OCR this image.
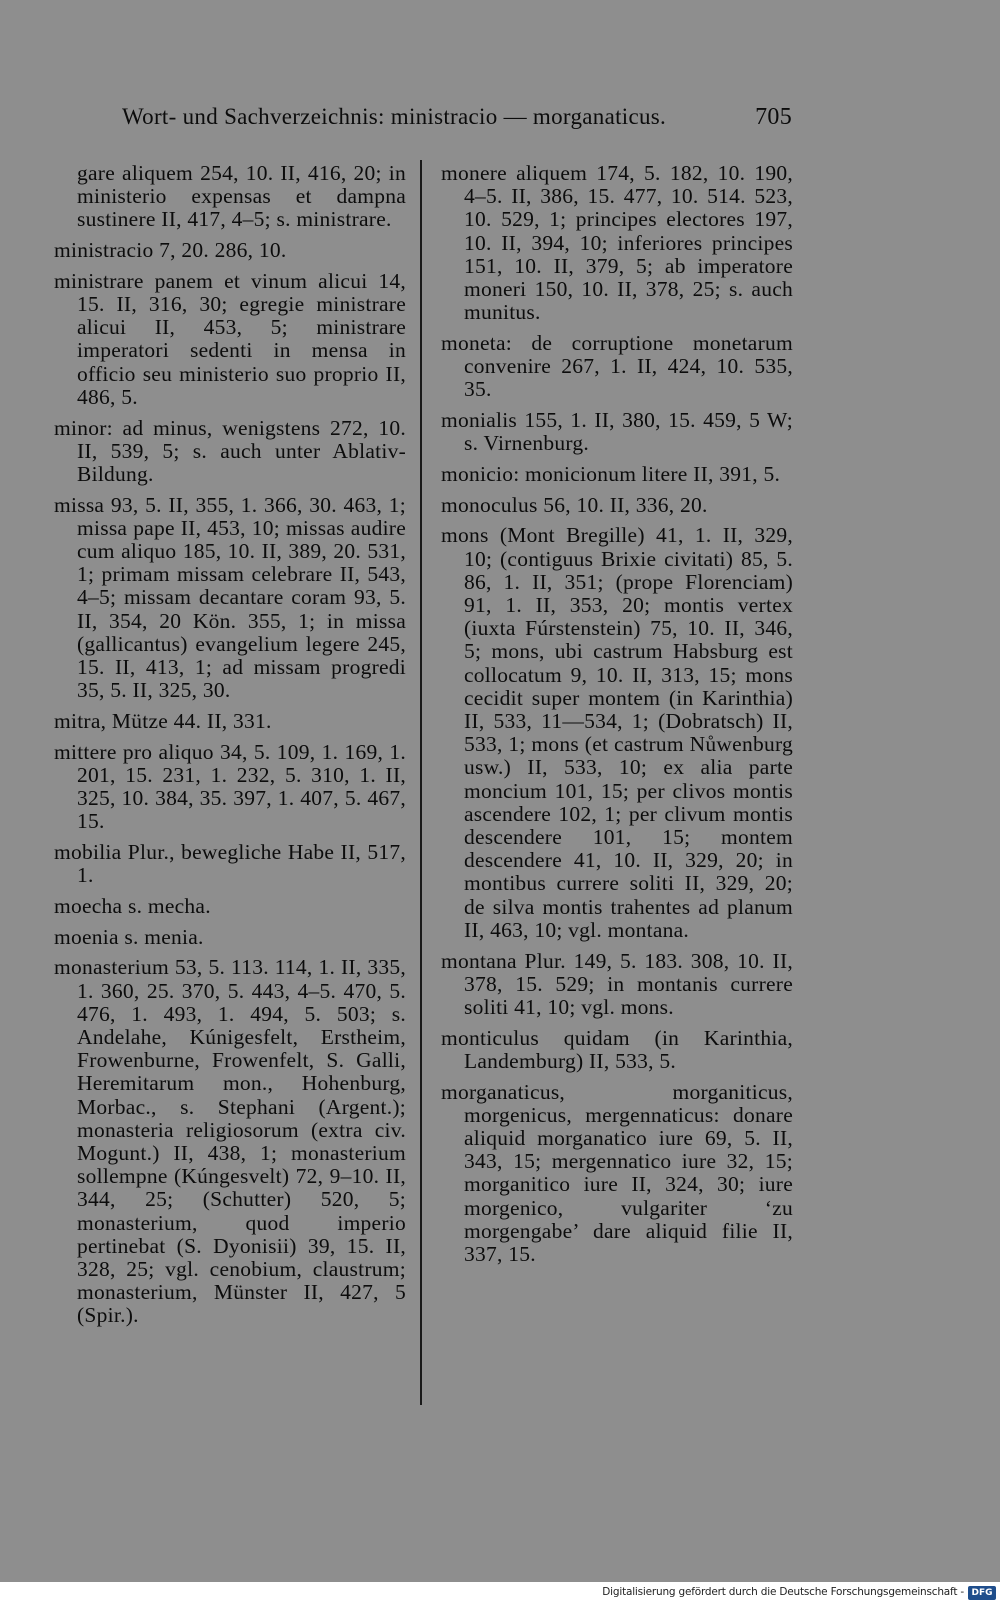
Wort- und Sachverzeichnis: ministracio — morganaticus.	705

gare aliquem 254, 10. II, 416, 20; in ministerio expensas et dampna sustinere II, 417, 4–5; s. ministrare.

ministracio 7, 20. 286, 10.

ministrare panem et vinum alicui 14, 15. II, 316, 30; egregie ministrare alicui II, 453, 5; ministrare imperatori sedenti in mensa in officio seu ministerio suo proprio II, 486, 5.

minor: ad minus, wenigstens 272, 10. II, 539, 5; s. auch unter Ablativ-Bildung.

missa 93, 5. II, 355, 1. 366, 30. 463, 1; missa pape II, 453, 10; missas audire cum aliquo 185, 10. II, 389, 20. 531, 1; primam missam celebrare II, 543, 4–5; missam decantare coram 93, 5. II, 354, 20 Kön. 355, 1; in missa (gallicantus) evangelium legere 245, 15. II, 413, 1; ad missam progredi 35, 5. II, 325, 30.

mitra, Mütze 44. II, 331.

mittere pro aliquo 34, 5. 109, 1. 169, 1. 201, 15. 231, 1. 232, 5. 310, 1. II, 325, 10. 384, 35. 397, 1. 407, 5. 467, 15.

mobilia Plur., bewegliche Habe II, 517, 1.

moecha s. mecha.

moenia s. menia.

monasterium 53, 5. 113. 114, 1. II, 335, 1. 360, 25. 370, 5. 443, 4–5. 470, 5. 476, 1. 493, 1. 494, 5. 503; s. Andelahe, Kúnigesfelt, Erstheim, Frowenburne, Frowenfelt, S. Galli, Heremitarum mon., Hohenburg, Morbac., s. Stephani (Argent.); monasteria religiosorum (extra civ. Mogunt.) II, 438, 1; monasterium sollempne (Kúngesvelt) 72, 9–10. II, 344, 25; (Schutter) 520, 5; monasterium, quod imperio pertinebat (S. Dyonisii) 39, 15. II, 328, 25; vgl. cenobium, claustrum; monasterium, Münster II, 427, 5 (Spir.).

monere aliquem 174, 5. 182, 10. 190, 4–5. II, 386, 15. 477, 10. 514. 523, 10. 529, 1; principes electores 197, 10. II, 394, 10; inferiores principes 151, 10. II, 379, 5; ab imperatore moneri 150, 10. II, 378, 25; s. auch munitus.

moneta: de corruptione monetarum convenire 267, 1. II, 424, 10. 535, 35.

monialis 155, 1. II, 380, 15. 459, 5 W; s. Virnenburg.

monicio: monicionum litere II, 391, 5.

monoculus 56, 10. II, 336, 20.

mons (Mont Bregille) 41, 1. II, 329, 10; (contiguus Brixie civitati) 85, 5. 86, 1. II, 351; (prope Florenciam) 91, 1. II, 353, 20; montis vertex (iuxta Fúrstenstein) 75, 10. II, 346, 5; mons, ubi castrum Habsburg est collocatum 9, 10. II, 313, 15; mons cecidit super montem (in Karinthia) II, 533, 11—534, 1; (Dobratsch) II, 533, 1; mons (et castrum Nůwenburg usw.) II, 533, 10; ex alia parte moncium 101, 15; per clivos montis ascendere 102, 1; per clivum montis descendere 101, 15; montem descendere 41, 10. II, 329, 20; in montibus currere soliti II, 329, 20; de silva montis trahentes ad planum II, 463, 10; vgl. montana.

montana Plur. 149, 5. 183. 308, 10. II, 378, 15. 529; in montanis currere soliti 41, 10; vgl. mons.

monticulus quidam (in Karinthia, Landemburg) II, 533, 5.

morganaticus, morganiticus, morgenicus, mergennaticus: donare aliquid morganatico iure 69, 5. II, 343, 15; mergennatico iure 32, 15; morganitico iure II, 324, 30; iure morgenico, vulgariter ‘zu morgengabe’ dare aliquid filie II, 337, 15.

Digitalisierung gefördert durch die Deutsche Forschungsgemeinschaft - DFG
